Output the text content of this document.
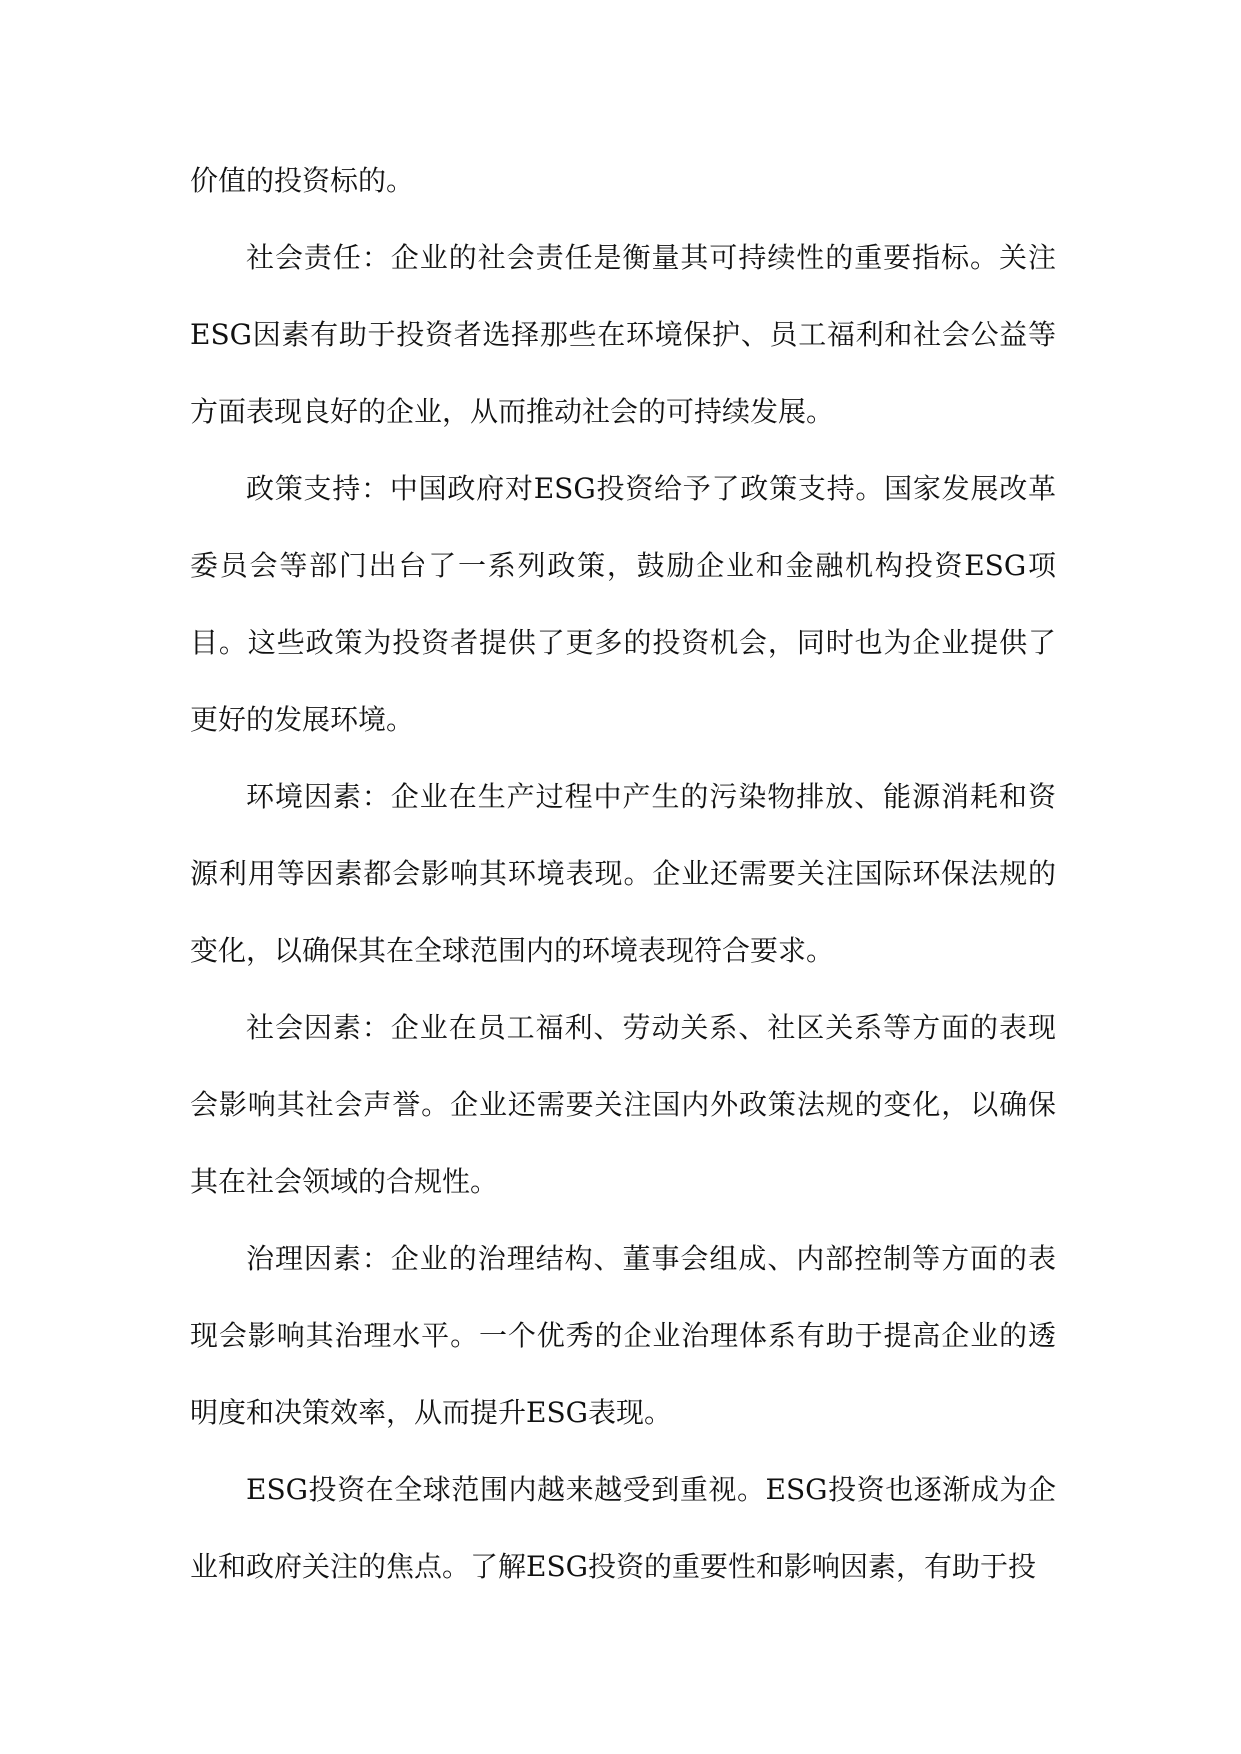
价值的投资标的。

社会责任：企业的社会责任是衡量其可持续性的重要指标。关注ESG因素有助于投资者选择那些在环境保护、员工福利和社会公益等方面表现良好的企业，从而推动社会的可持续发展。

政策支持：中国政府对ESG投资给予了政策支持。国家发展改革委员会等部门出台了一系列政策，鼓励企业和金融机构投资ESG项目。这些政策为投资者提供了更多的投资机会，同时也为企业提供了更好的发展环境。

环境因素：企业在生产过程中产生的污染物排放、能源消耗和资源利用等因素都会影响其环境表现。企业还需要关注国际环保法规的变化，以确保其在全球范围内的环境表现符合要求。

社会因素：企业在员工福利、劳动关系、社区关系等方面的表现会影响其社会声誉。企业还需要关注国内外政策法规的变化，以确保其在社会领域的合规性。

治理因素：企业的治理结构、董事会组成、内部控制等方面的表现会影响其治理水平。一个优秀的企业治理体系有助于提高企业的透明度和决策效率，从而提升ESG表现。

ESG投资在全球范围内越来越受到重视。ESG投资也逐渐成为企业和政府关注的焦点。了解ESG投资的重要性和影响因素，有助于投
